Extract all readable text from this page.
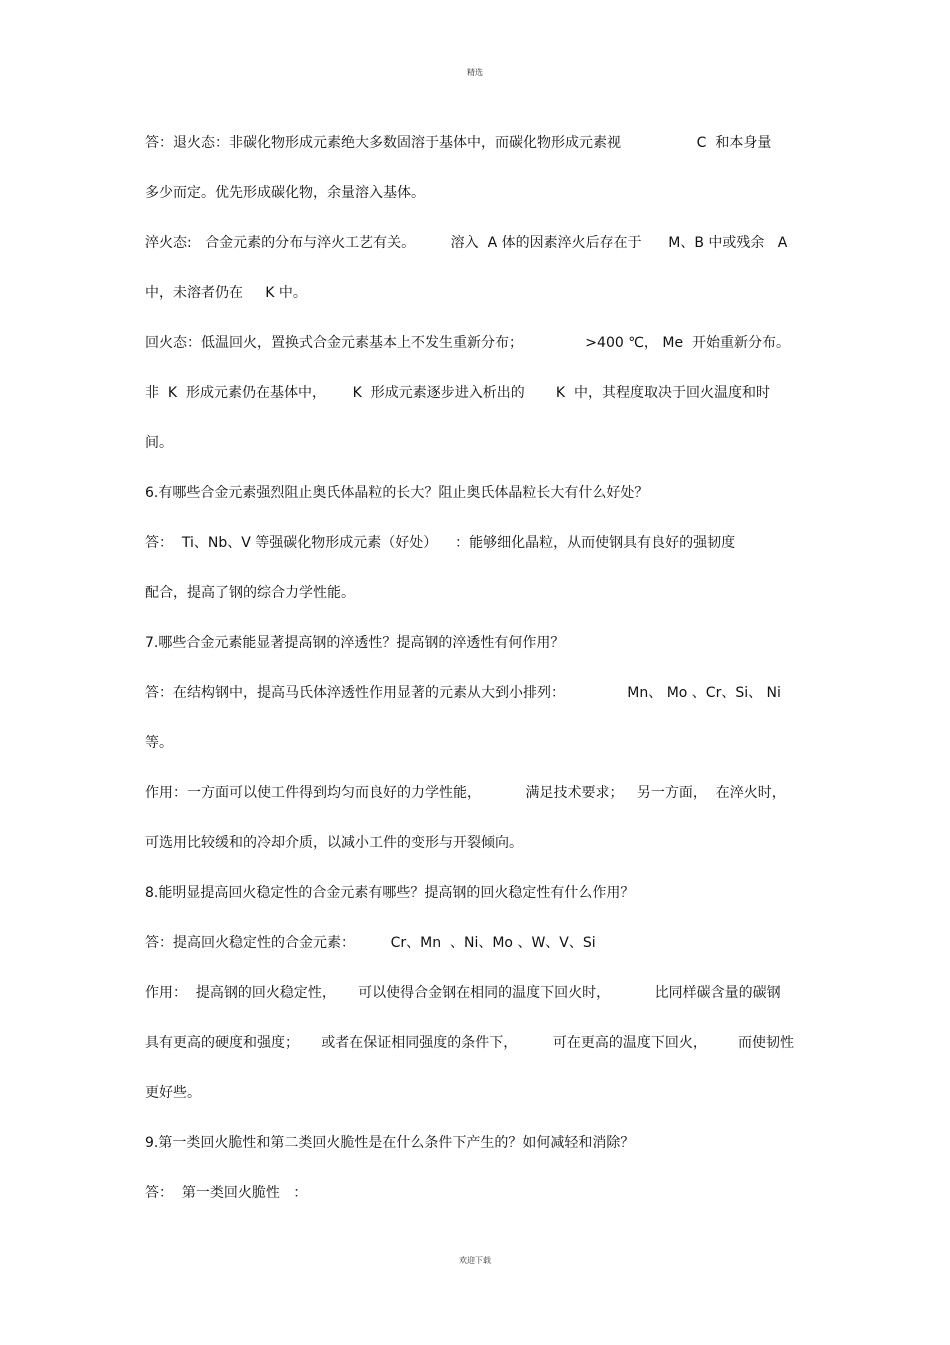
精选
答：退火态：非碳化物形成元素绝大多数固溶于基体中，而碳化物形成元素视                 C  和本身量
多少而定。优先形成碳化物，余量溶入基体。
淬火态:   合金元素的分布与淬火工艺有关。        溶入  A 体的因素淬火后存在于      M、B 中或残余   A
中，未溶者仍在     K 中。
回火态：低温回火，置换式合金元素基本上不发生重新分布；              >400 ℃， Me  开始重新分布。
非  K  形成元素仍在基体中，      K  形成元素逐步进入析出的       K  中，其程度取决于回火温度和时
间。
6.有哪些合金元素强烈阻止奥氏体晶粒的长大？阻止奥氏体晶粒长大有什么好处？
答：  Ti、Nb、V 等强碳化物形成元素（好处）    ：能够细化晶粒，从而使钢具有良好的强韧度
配合，提高了钢的综合力学性能。
7.哪些合金元素能显著提高钢的淬透性？提高钢的淬透性有何作用？
答：在结构钢中，提高马氏体淬透性作用显著的元素从大到小排列：              Mn、 Mo 、Cr、Si、 Ni
等。
作用：一方面可以使工件得到均匀而良好的力学性能，          满足技术要求；   另一方面，  在淬火时，
可选用比较缓和的冷却介质，以减小工件的变形与开裂倾向。
8.能明显提高回火稳定性的合金元素有哪些？提高钢的回火稳定性有什么作用？
答：提高回火稳定性的合金元素：        Cr、Mn  、Ni、Mo 、W、V、Si
作用：  提高钢的回火稳定性，     可以使得合金钢在相同的温度下回火时，          比同样碳含量的碳钢
具有更高的硬度和强度；     或者在保证相同强度的条件下，        可在更高的温度下回火，       而使韧性
更好些。
9.第一类回火脆性和第二类回火脆性是在什么条件下产生的？如何减轻和消除？
答：  第一类回火脆性   ：
欢迎下载
